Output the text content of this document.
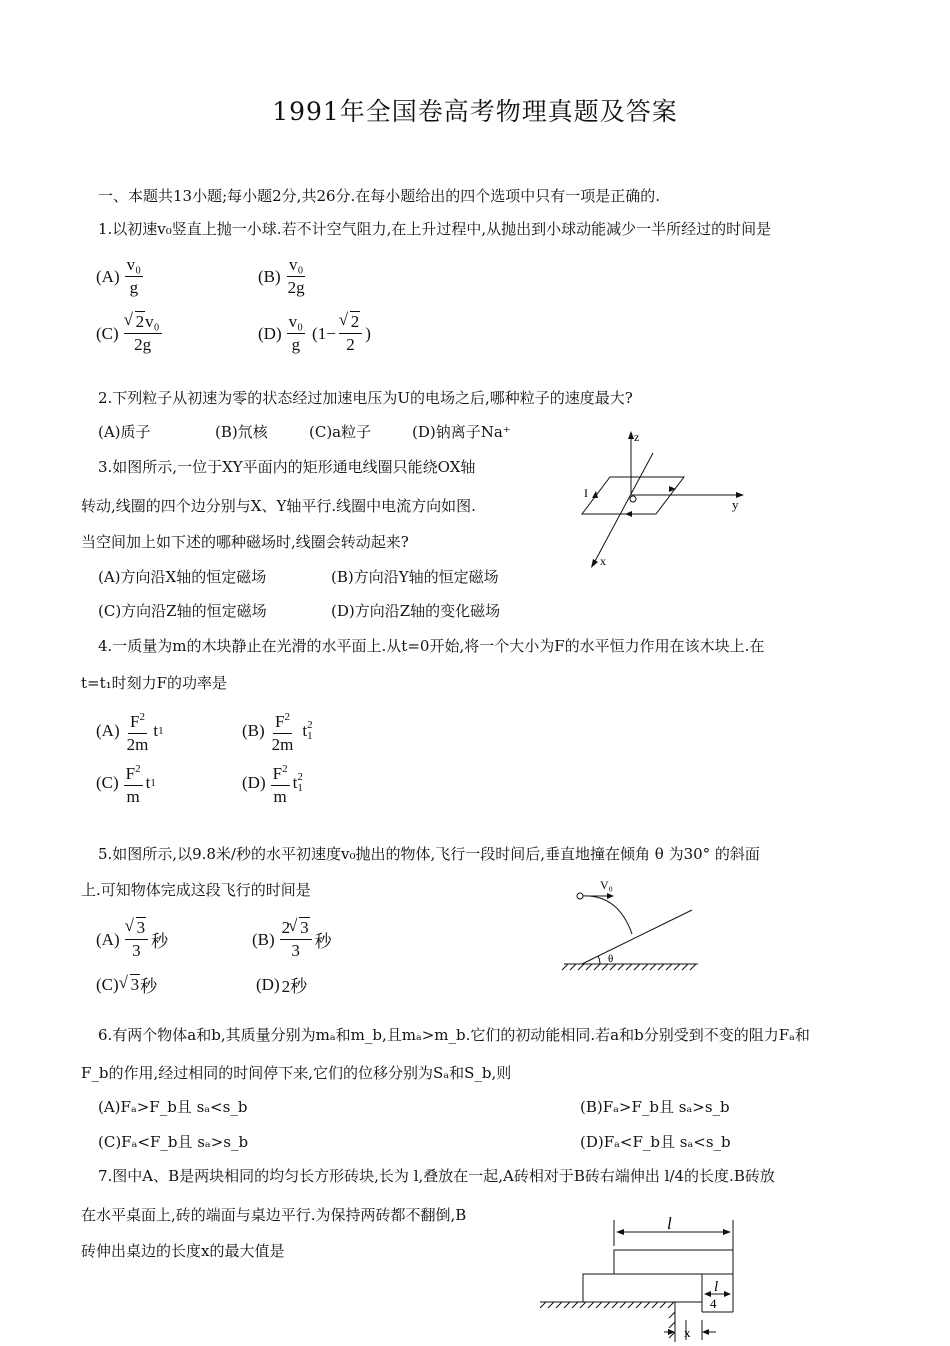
1991年全国卷高考物理真题及答案
一、本题共13小题;每小题2分,共26分.在每小题给出的四个选项中只有一项是正确的.
1.以初速v₀竖直上抛一小球.若不计空气阻力,在上升过程中,从抛出到小球动能减少一半所经过的时间是
$(A) \frac{\text{v₀}}{g}$	$(B) \frac{\text{v₀}}{2g}$
(C) √ $\frac{\text{2v₀}}{2g}$	$(D) \frac{\text{v₀}}{g} (1-$ √ $\frac{2}{2}$ )
2.下列粒子从初速为零的状态经过加速电压为U的电场之后,哪种粒子的速度最大?
(A)质子	(B)氘核	(C)a粒子	(D)钠离子Na⁺
3.如图所示,一位于XY平面内的矩形通电线圈只能绕OX轴
转动,线圈的四个边分别与X、Y轴平行.线圈中电流方向如图.
当空间加上如下述的哪种磁场时,线圈会转动起来?
(A)方向沿X轴的恒定磁场	(B)方向沿Y轴的恒定磁场
(C)方向沿Z轴的恒定磁场	(D)方向沿Z轴的变化磁场
z
y
x
I
4.一质量为m的木块静止在光滑的水平面上.从t=0开始,将一个大小为F的水平恒力作用在该木块上.在
t=t₁时刻力F的功率是
$(A) \frac{F^2}{2m}$ t 1	$(B) \frac{F^2}{2m}$ t 2
1
$(C) \frac{F^2}{m}$ t 1	$(D) \frac{F^2}{m}$ t 2
1
5.如图所示,以9.8米/秒的水平初速度v₀抛出的物体,飞行一段时间后,垂直地撞在倾角 θ 为30° 的斜面
上.可知物体完成这段飞行的时间是
(A) √ $\frac{3}{3}$ 秒	$(B) \frac{2 √ 3}{3}$ 秒
(C) √ 3 秒	(D) 2秒
V₀
θ
6.有两个物体a和b,其质量分别为mₐ和m_b,且mₐ>m_b.它们的初动能相同.若a和b分别受到不变的阻力Fₐ和
F_b的作用,经过相同的时间停下来,它们的位移分别为Sₐ和S_b,则
(A)Fₐ>F_b且 sₐ<s_b	(B)Fₐ>F_b且 sₐ>s_b
(C)Fₐ<F_b且 sₐ>s_b	(D)Fₐ<F_b且 sₐ<s_b
7.图中A、B是两块相同的均匀长方形砖块,长为 l,叠放在一起,A砖相对于B砖右端伸出 l/4的长度.B砖放
在水平桌面上,砖的端面与桌边平行.为保持两砖都不翻倒,B
砖伸出桌边的长度x的最大值是
l
l
4
x
